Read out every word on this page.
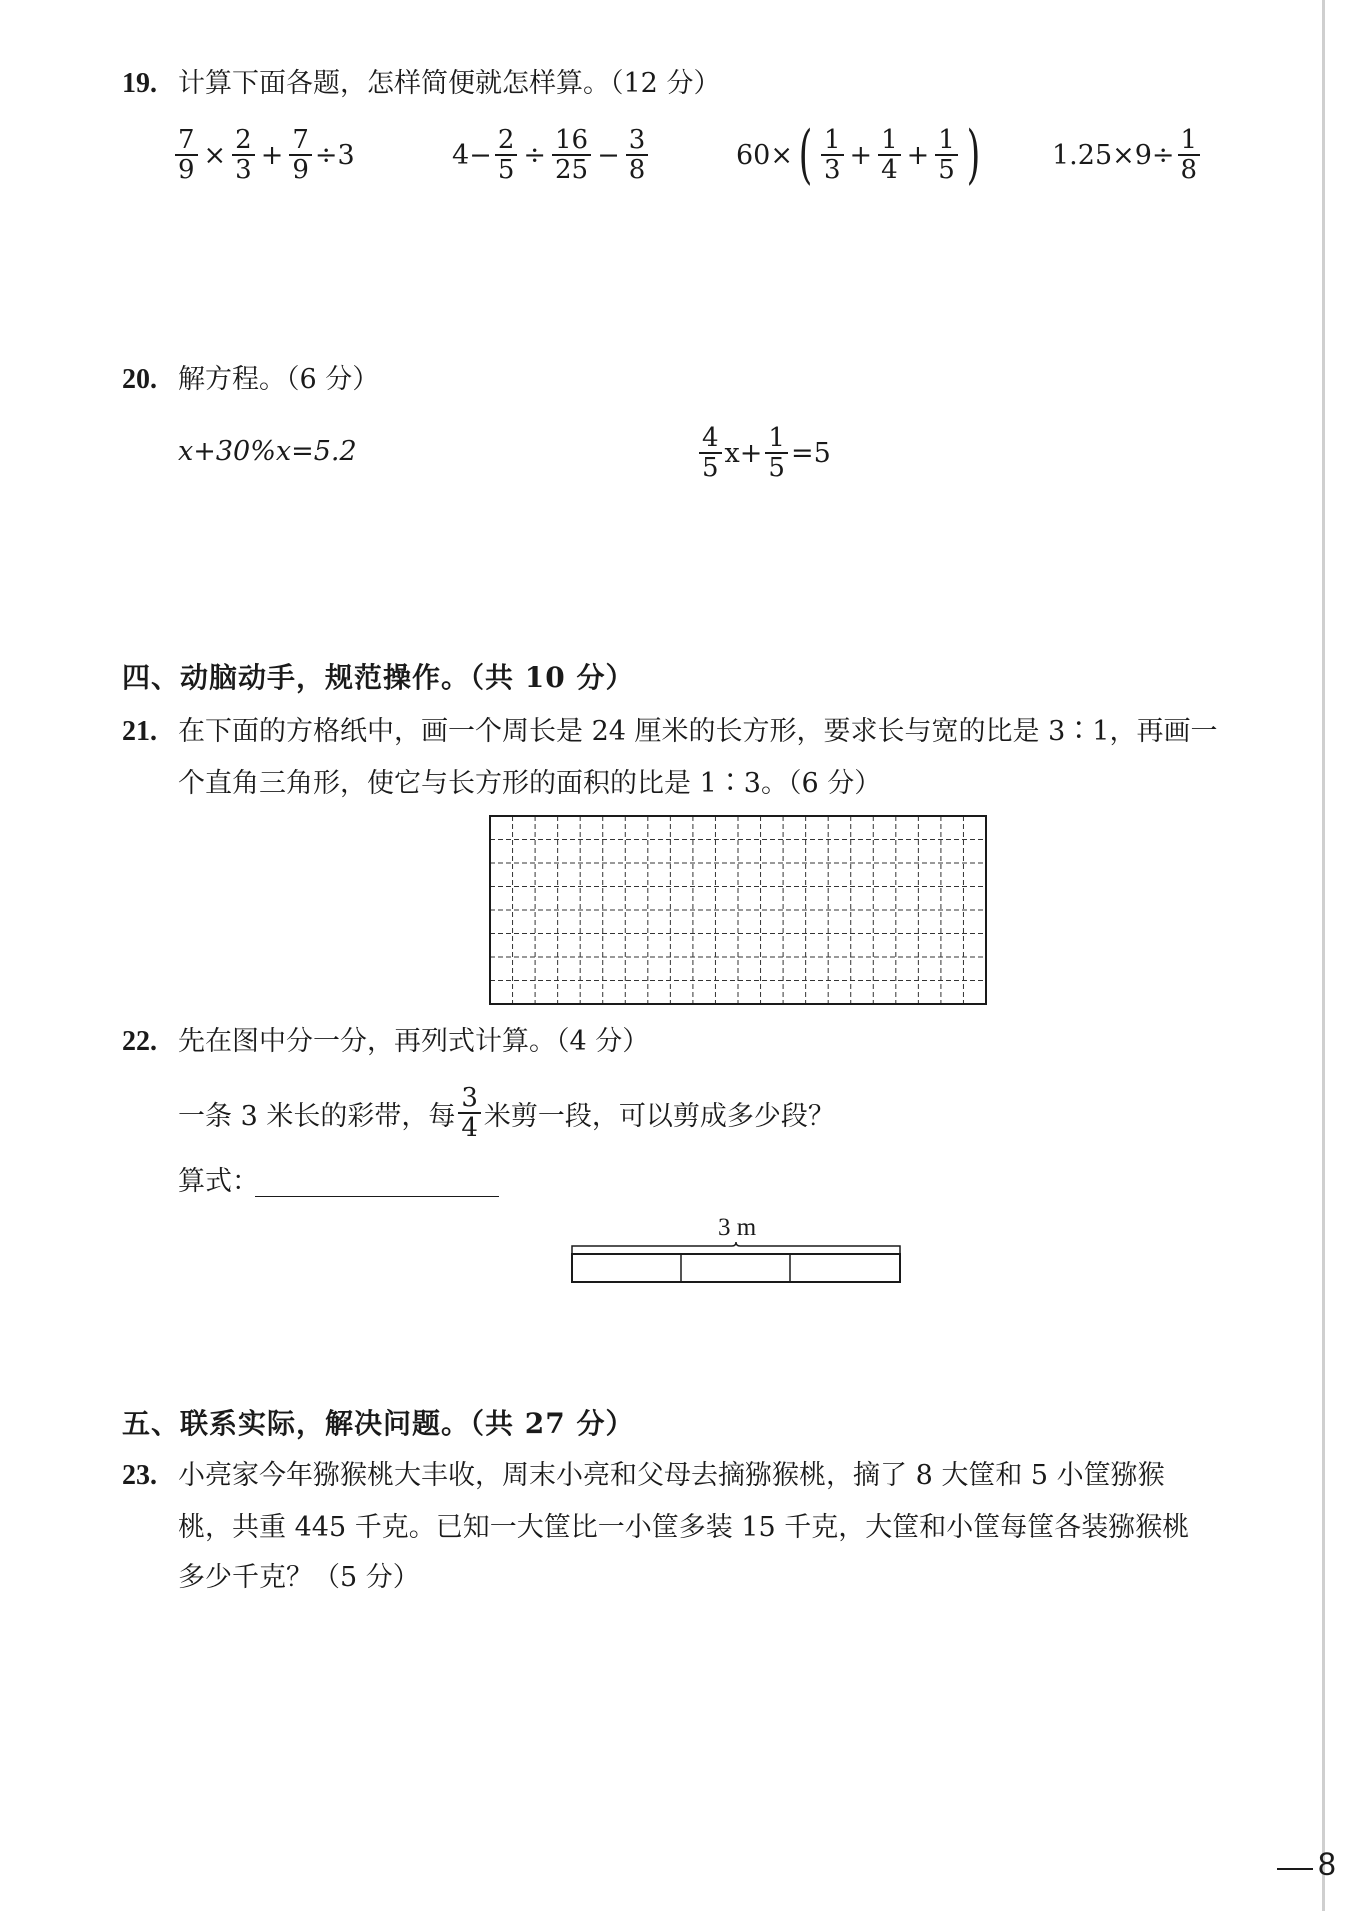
19. 计算下面各题，怎样简便就怎样算。（12 分）
$\frac{7}{9} \times \frac{2}{3} + \frac{7}{9} \div 3$	$4- \frac{2}{5} \div \frac{16}{25} - \frac{3}{8}$	60× ( $\frac{1}{3} + \frac{1}{4} + \frac{1}{5}$ )	$1.25\times 9\div \frac{1}{8}$
20. 解方程。（6 分）
x+30%x=5.2	$\frac{4}{5} x+ \frac{1}{5} =5$
四、动脑动手，规范操作。（共 10 分）
21. 在下面的方格纸中，画一个周长是 24 厘米的长方形，要求长与宽的比是 3∶1，再画一
个直角三角形，使它与长方形的面积的比是 1∶3。（6 分）
22. 先在图中分一分，再列式计算。（4 分）
一条 3 米长的彩带，每 $\frac{3}{4}$ 米剪一段，可以剪成多少段？
算式：
3 m
五、联系实际，解决问题。（共 27 分）
23. 小亮家今年猕猴桃大丰收，周末小亮和父母去摘猕猴桃，摘了 8 大筐和 5 小筐猕猴
桃，共重 445 千克。已知一大筐比一小筐多装 15 千克，大筐和小筐每筐各装猕猴桃
多少千克？（5 分）
8
